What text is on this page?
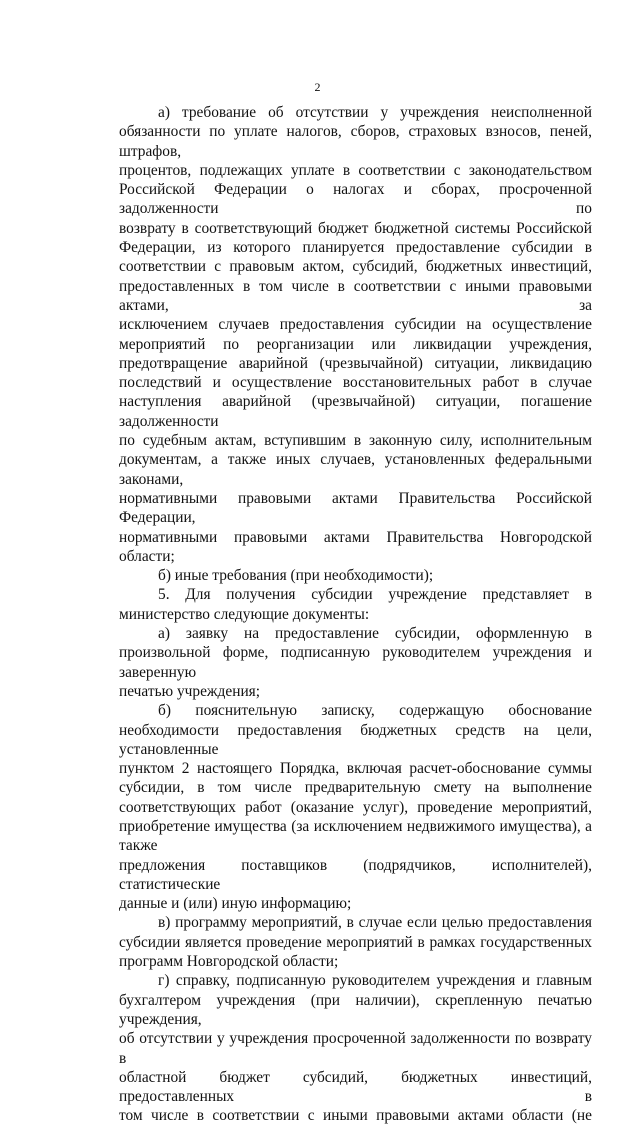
2
а) требование об отсутствии у учреждения неисполненной
обязанности по уплате налогов, сборов, страховых взносов, пеней, штрафов,
процентов, подлежащих уплате в соответствии с законодательством
Российской Федерации о налогах и сборах, просроченной задолженности по
возврату в соответствующий бюджет бюджетной системы Российской
Федерации, из которого планируется предоставление субсидии в
соответствии с правовым актом, субсидий, бюджетных инвестиций,
предоставленных в том числе в соответствии с иными правовыми актами, за
исключением случаев предоставления субсидии на осуществление
мероприятий по реорганизации или ликвидации учреждения,
предотвращение аварийной (чрезвычайной) ситуации, ликвидацию
последствий и осуществление восстановительных работ в случае
наступления аварийной (чрезвычайной) ситуации, погашение задолженности
по судебным актам, вступившим в законную силу, исполнительным
документам, а также иных случаев, установленных федеральными законами,
нормативными правовыми актами Правительства Российской Федерации,
нормативными правовыми актами Правительства Новгородской области;
б) иные требования (при необходимости);
5. Для получения субсидии учреждение представляет в
министерство следующие документы:
а) заявку на предоставление субсидии, оформленную в
произвольной форме, подписанную руководителем учреждения и заверенную
печатью учреждения;
б) пояснительную записку, содержащую обоснование
необходимости предоставления бюджетных средств на цели, установленные
пунктом 2 настоящего Порядка, включая расчет-обоснование суммы
субсидии, в том числе предварительную смету на выполнение
соответствующих работ (оказание услуг), проведение мероприятий,
приобретение имущества (за исключением недвижимого имущества), а также
предложения поставщиков (подрядчиков, исполнителей), статистические
данные и (или) иную информацию;
в) программу мероприятий, в случае если целью предоставления
субсидии является проведение мероприятий в рамках государственных
программ Новгородской области;
г) справку, подписанную руководителем учреждения и главным
бухгалтером учреждения (при наличии), скрепленную печатью учреждения,
об отсутствии у учреждения просроченной задолженности по возврату в
областной бюджет субсидий, бюджетных инвестиций, предоставленных в
том числе в соответствии с иными правовыми актами области (не
